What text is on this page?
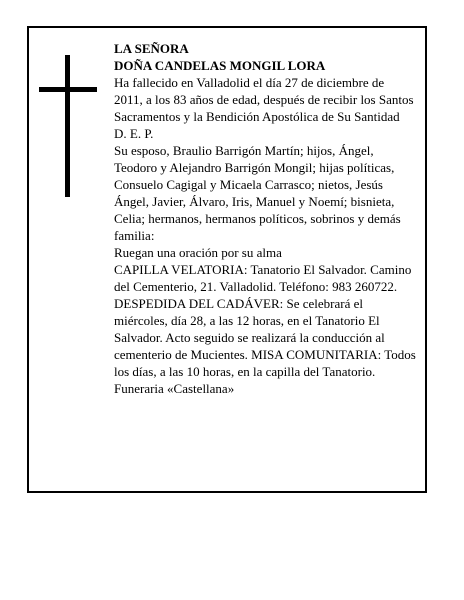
LA SEÑORA

DOÑA CANDELAS MONGIL LORA

Ha fallecido en Valladolid el día 27 de diciembre de 2011, a los 83 años de edad, después de recibir los Santos Sacramentos y la Bendición Apostólica de Su Santidad

D. E. P.

Su esposo, Braulio Barrigón Martín; hijos, Ángel, Teodoro y Alejandro Barrigón Mongil; hijas políticas, Consuelo Cagigal y Micaela Carrasco; nietos, Jesús Ángel, Javier, Álvaro, Iris, Manuel y Noemí; bisnieta, Celia; hermanos, hermanos políticos, sobrinos y demás familia:

Ruegan una oración por su alma

CAPILLA VELATORIA: Tanatorio El Salvador. Camino del Cementerio, 21. Valladolid. Teléfono: 983 260722.

DESPEDIDA DEL CADÁVER: Se celebrará el miércoles, día 28, a las 12 horas, en el Tanatorio El Salvador. Acto seguido se realizará la conducción al cementerio de Mucientes. MISA COMUNITARIA: Todos los días, a las 10 horas, en la capilla del Tanatorio.

Funeraria «Castellana»
